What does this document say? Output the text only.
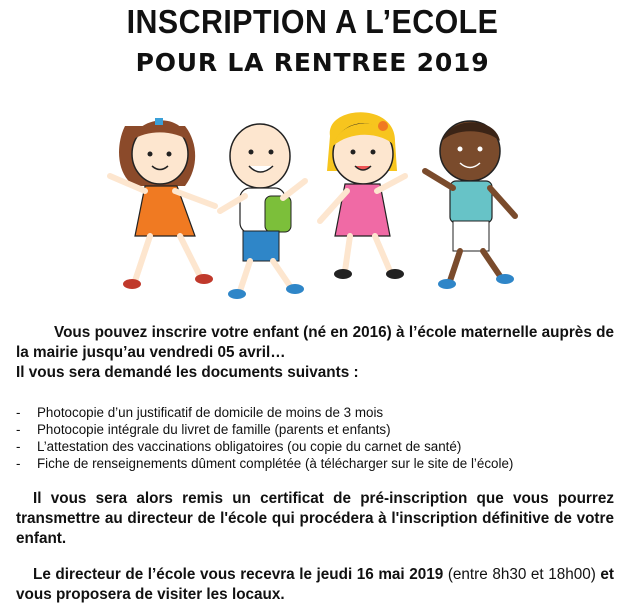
INSCRIPTION A L’ECOLE
POUR LA RENTREE 2019
Vous pouvez inscrire votre enfant (né en 2016) à l’école maternelle auprès de la mairie jusqu’au vendredi 05 avril…
Il vous sera demandé les documents suivants :
- Photocopie d’un justificatif de domicile de moins de 3 mois
- Photocopie intégrale du livret de famille (parents et enfants)
- L’attestation des vaccinations obligatoires (ou copie du carnet de santé)
- Fiche de renseignements dûment complétée (à télécharger sur le site de l’école)
Il vous sera alors remis un certificat de pré-inscription que vous pourrez transmettre au directeur de l'école qui procédera à l'inscription définitive de votre enfant.
Le directeur de l’école vous recevra le jeudi 16 mai 2019 (entre 8h30 et 18h00) et vous proposera de visiter les locaux.
